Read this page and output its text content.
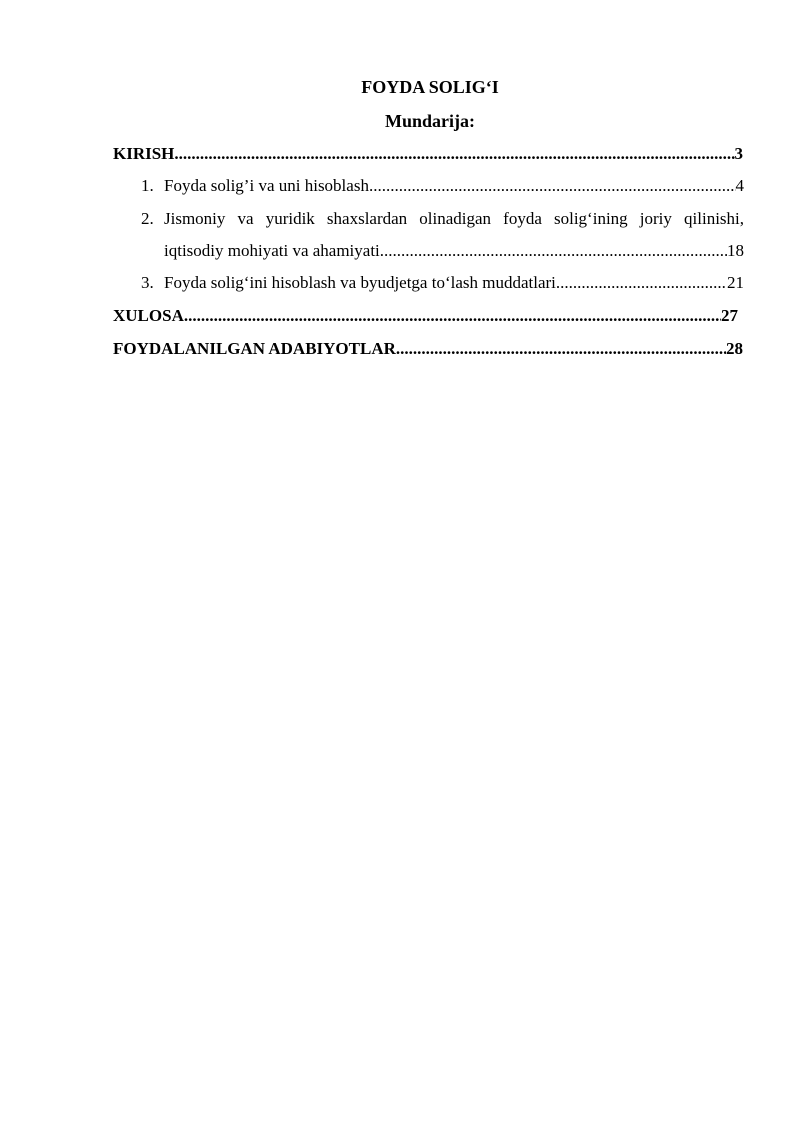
FOYDA SOLIG‘I
Mundarija:
KIRISH .....	3
1. Foyda solig’i va uni hisoblash .....	4
2. Jismoniy va yuridik shaxslardan olinadigan foyda solig‘ining joriy qilinishi,
iqtisodiy mohiyati va ahamiyati .....	18
3. Foyda solig‘ini hisoblash va byudjetga to‘lash muddatlari .....	21
XULOSA .....	27
FOYDALANILGAN ADABIYOTLAR .....	28
